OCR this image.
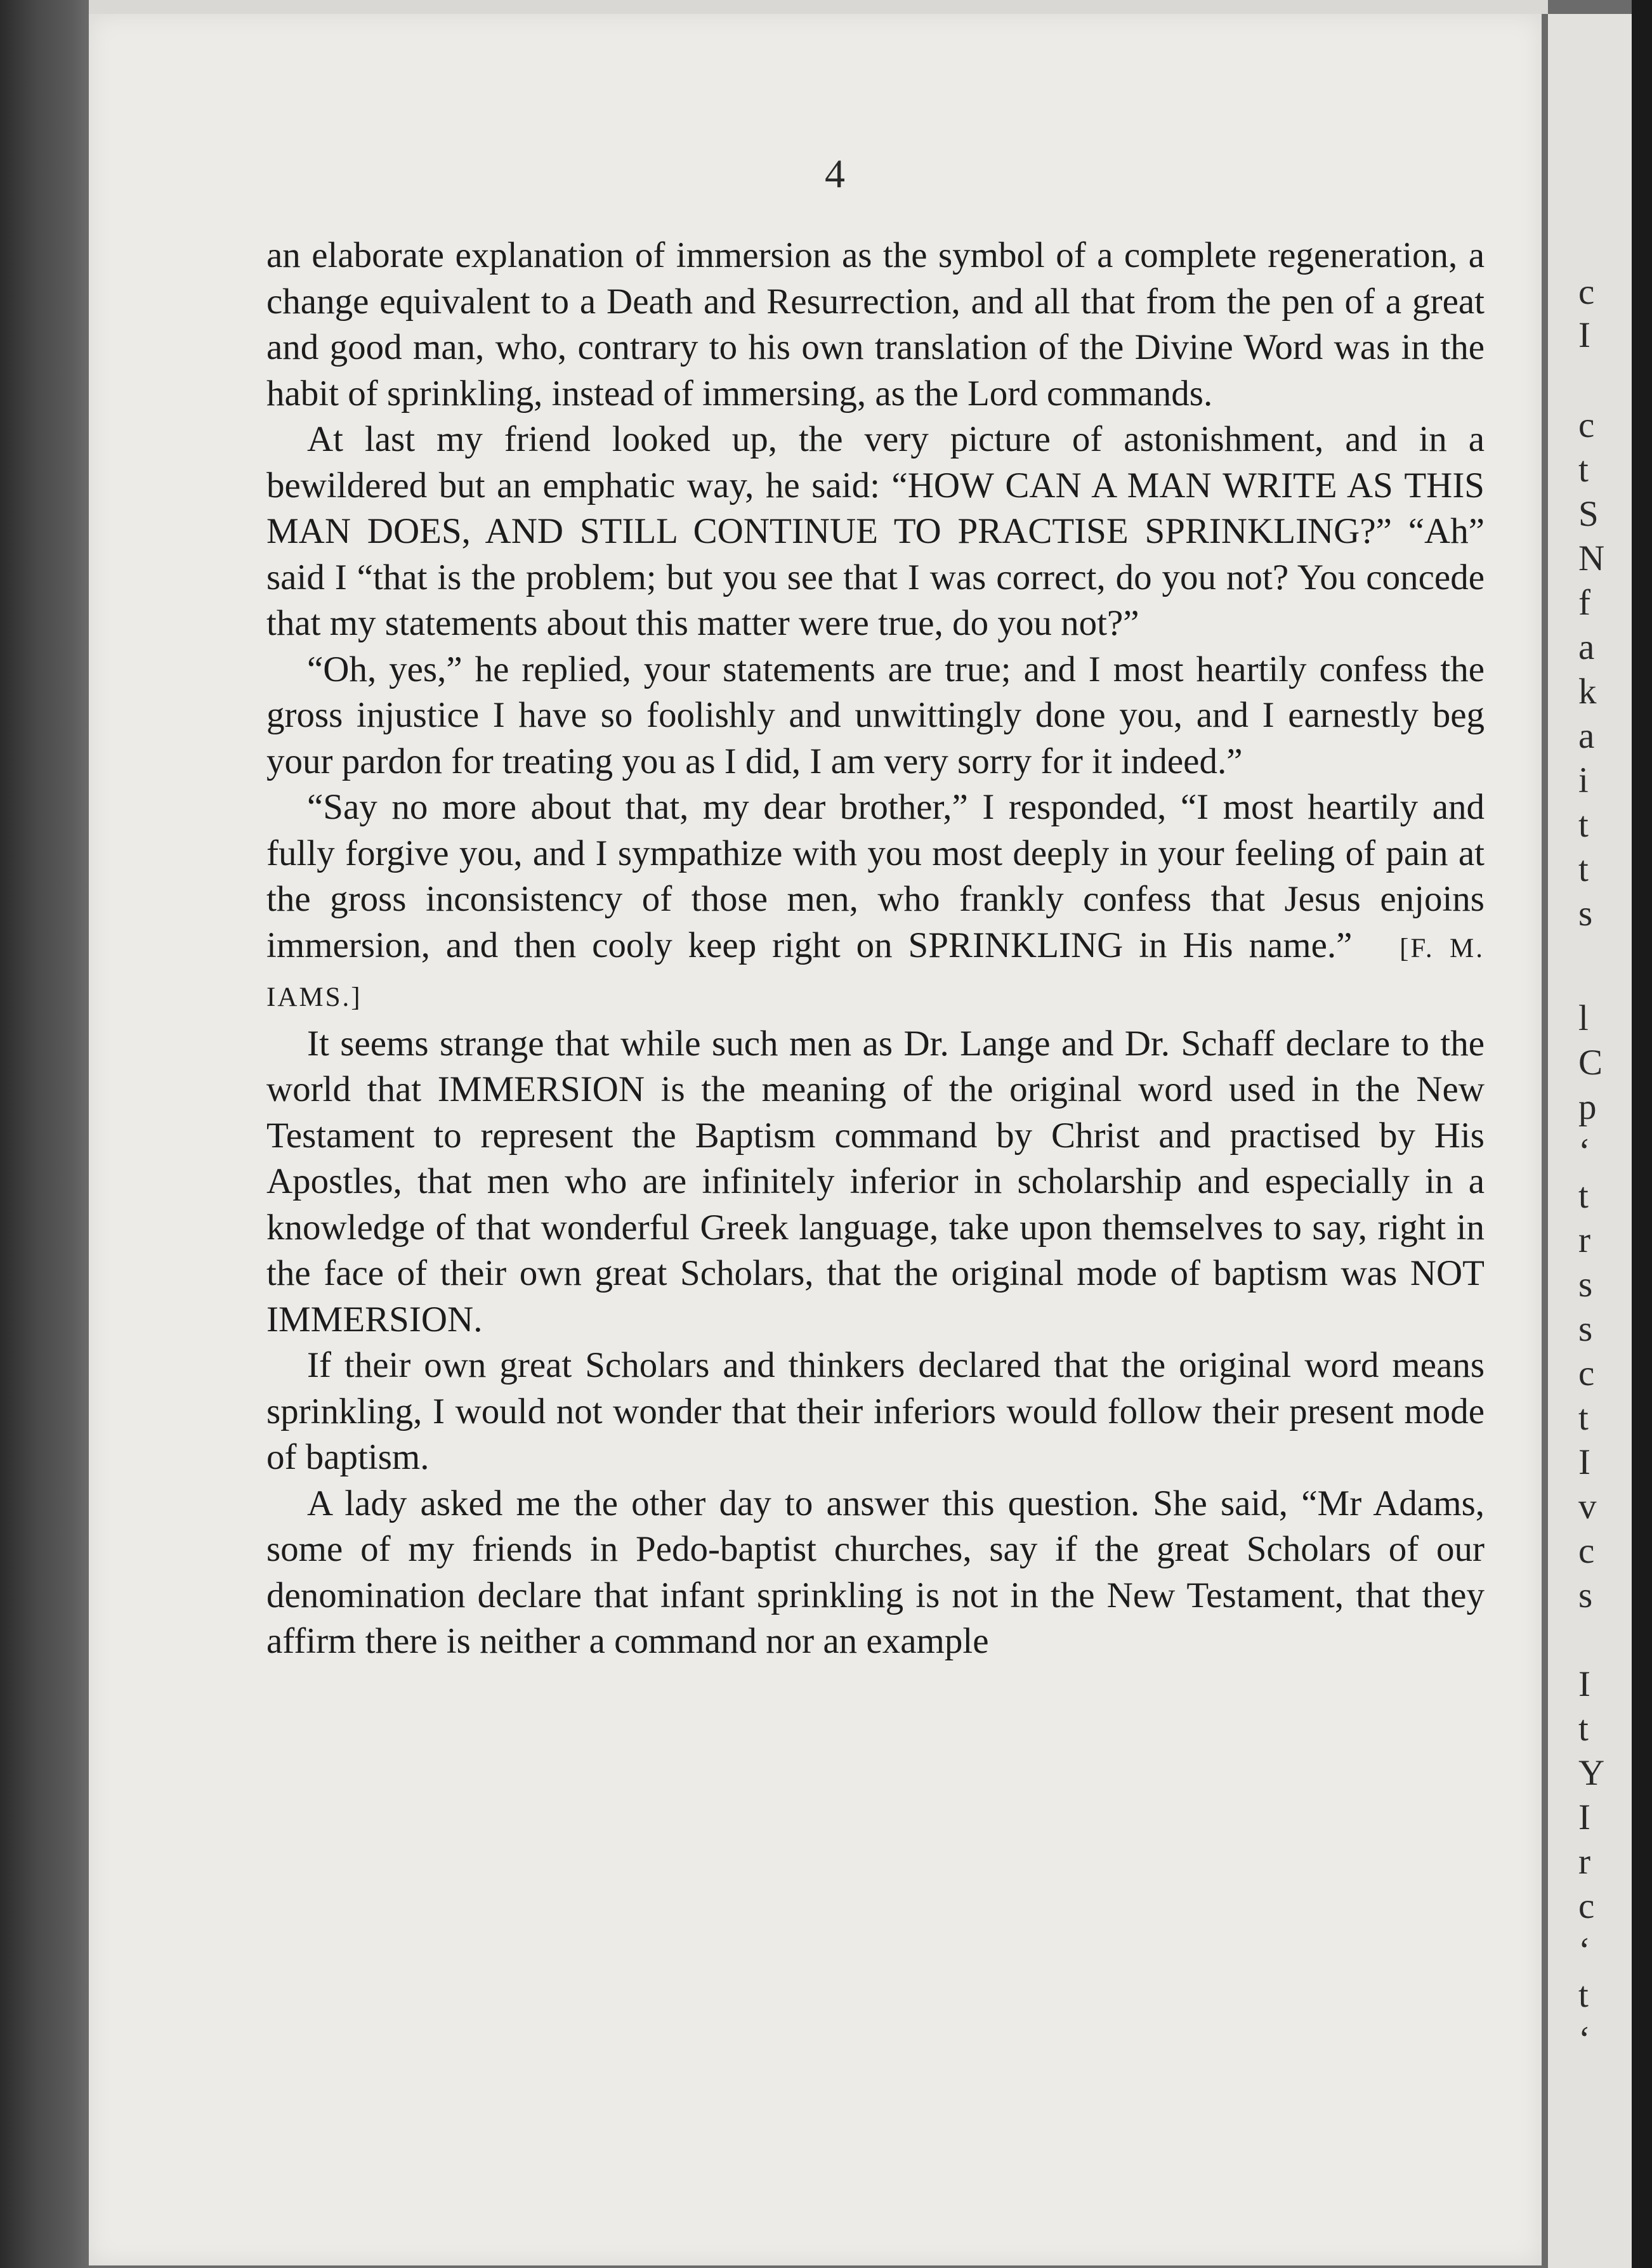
4

an elaborate explanation of immersion as the symbol of a complete regeneration, a change equivalent to a Death and Resurrection, and all that from the pen of a great and good man, who, contrary to his own translation of the Divine Word was in the habit of sprinkling, instead of immersing, as the Lord commands.

At last my friend looked up, the very picture of astonishment, and in a bewildered but an emphatic way, he said: “HOW CAN A MAN WRITE AS THIS MAN DOES, AND STILL CONTINUE TO PRACTISE SPRINKLING?” “Ah” said I “that is the problem; but you see that I was correct, do you not? You concede that my statements about this matter were true, do you not?”

“Oh, yes,” he replied, your statements are true; and I most heartily confess the gross injustice I have so foolishly and unwittingly done you, and I earnestly beg your pardon for treating you as I did, I am very sorry for it indeed.”

“Say no more about that, my dear brother,” I responded, “I most heartily and fully forgive you, and I sympathize with you most deeply in your feeling of pain at the gross inconsistency of those men, who frankly confess that Jesus enjoins immersion, and then cooly keep right on SPRINKLING in His name.” [F. M. IAMS.]

It seems strange that while such men as Dr. Lange and Dr. Schaff declare to the world that IMMERSION is the meaning of the original word used in the New Testament to represent the Baptism command by Christ and practised by His Apostles, that men who are infinitely inferior in scholarship and especially in a knowledge of that wonderful Greek language, take upon themselves to say, right in the face of their own great Scholars, that the original mode of baptism was NOT IMMERSION.

If their own great Scholars and thinkers declared that the original word means sprinkling, I would not wonder that their inferiors would follow their present mode of baptism.

A lady asked me the other day to answer this question. She said, “Mr Adams, some of my friends in Pedo-baptist churches, say if the great Scholars of our denomination declare that infant sprinkling is not in the New Testament, that they affirm there is neither a command nor an example

c
I
c
t
S
N
f
a
k
a
i
t
t
s
l
C
p
‘
t
r
s
s
c
t
I
v
c
s
I
t
Y
I
r
c
‘
t
‘
